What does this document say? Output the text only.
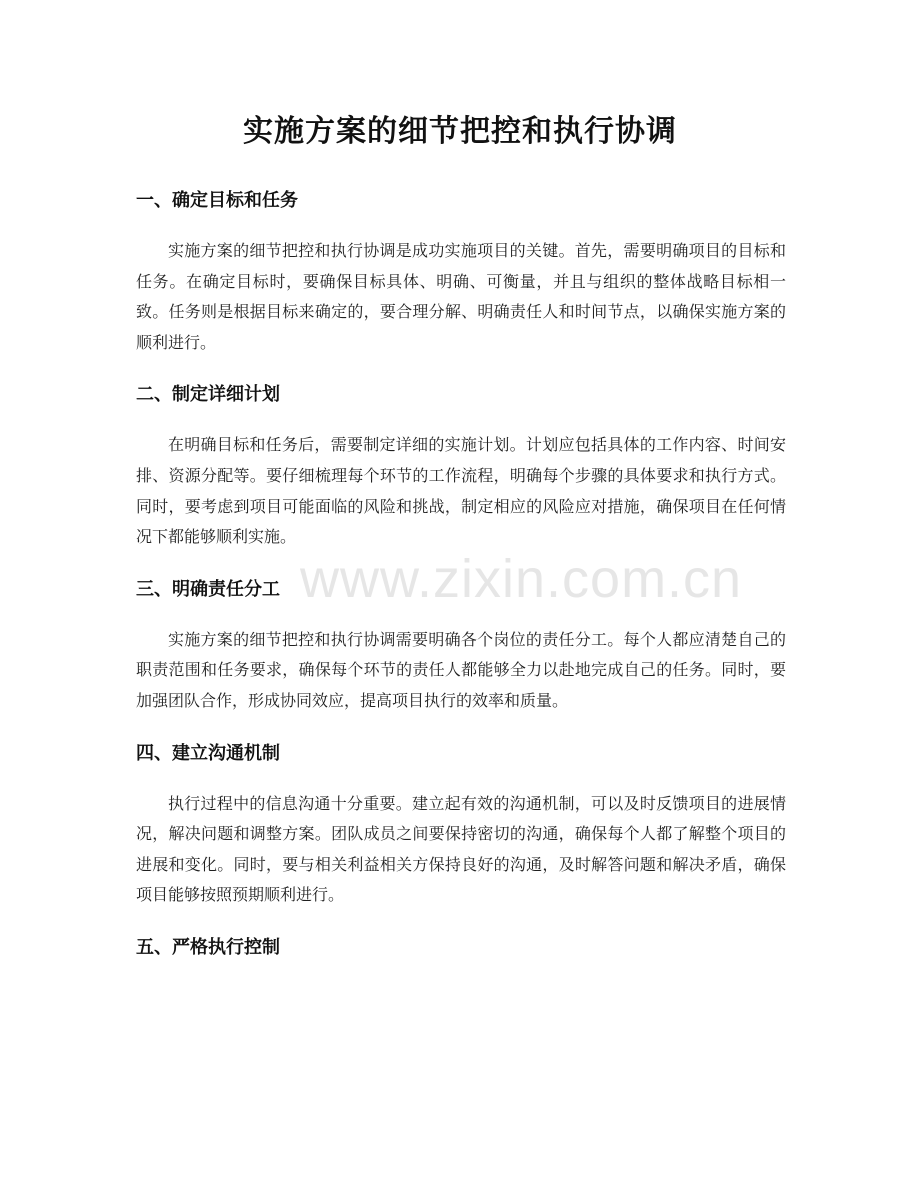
实施方案的细节把控和执行协调
www.zixin.com.cn
一、确定目标和任务

实施方案的细节把控和执行协调是成功实施项目的关键。首先，需要明确项目的目标和任务。在确定目标时，要确保目标具体、明确、可衡量，并且与组织的整体战略目标相一致。任务则是根据目标来确定的，要合理分解、明确责任人和时间节点，以确保实施方案的顺利进行。

二、制定详细计划

在明确目标和任务后，需要制定详细的实施计划。计划应包括具体的工作内容、时间安排、资源分配等。要仔细梳理每个环节的工作流程，明确每个步骤的具体要求和执行方式。同时，要考虑到项目可能面临的风险和挑战，制定相应的风险应对措施，确保项目在任何情况下都能够顺利实施。

三、明确责任分工

实施方案的细节把控和执行协调需要明确各个岗位的责任分工。每个人都应清楚自己的职责范围和任务要求，确保每个环节的责任人都能够全力以赴地完成自己的任务。同时，要加强团队合作，形成协同效应，提高项目执行的效率和质量。

四、建立沟通机制

执行过程中的信息沟通十分重要。建立起有效的沟通机制，可以及时反馈项目的进展情况，解决问题和调整方案。团队成员之间要保持密切的沟通，确保每个人都了解整个项目的进展和变化。同时，要与相关利益相关方保持良好的沟通，及时解答问题和解决矛盾，确保项目能够按照预期顺利进行。

五、严格执行控制
